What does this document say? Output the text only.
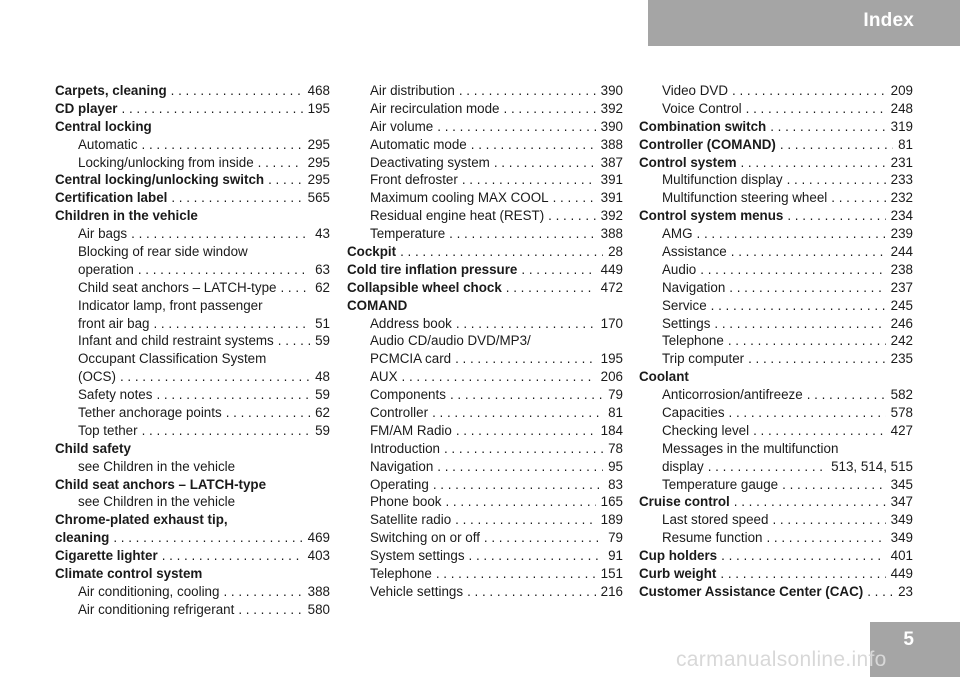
Index
Carpets, cleaning . . .	468
CD player . . .	195
Central locking
Automatic . . .	295
Locking/unlocking from inside . . .	295
Central locking/unlocking switch . . .	295
Certification label . . .	565
Children in the vehicle
Air bags . . .	43
Blocking of rear side window
operation . . .	63
Child seat anchors – LATCH-type . . .	62
Indicator lamp, front passenger
front air bag . . .	51
Infant and child restraint systems . . .	59
Occupant Classification System
(OCS) . . .	48
Safety notes . . .	59
Tether anchorage points . . .	62
Top tether . . .	59
Child safety
see Children in the vehicle
Child seat anchors – LATCH-type
see Children in the vehicle
Chrome-plated exhaust tip,
cleaning . . .	469
Cigarette lighter . . .	403
Climate control system
Air conditioning, cooling . . .	388
Air conditioning refrigerant . . .	580
Air distribution . . .	390
Air recirculation mode . . .	392
Air volume . . .	390
Automatic mode . . .	388
Deactivating system . . .	387
Front defroster . . .	391
Maximum cooling MAX COOL . . .	391
Residual engine heat (REST) . . .	392
Temperature . . .	388
Cockpit . . .	28
Cold tire inflation pressure . . .	449
Collapsible wheel chock . . .	472
COMAND
Address book . . .	170
Audio CD/audio DVD/MP3/
PCMCIA card . . .	195
AUX . . .	206
Components . . .	79
Controller . . .	81
FM/AM Radio . . .	184
Introduction . . .	78
Navigation . . .	95
Operating . . .	83
Phone book . . .	165
Satellite radio . . .	189
Switching on or off . . .	79
System settings . . .	91
Telephone . . .	151
Vehicle settings . . .	216
Video DVD . . .	209
Voice Control . . .	248
Combination switch . . .	319
Controller (COMAND) . . .	81
Control system . . .	231
Multifunction display . . .	233
Multifunction steering wheel . . .	232
Control system menus . . .	234
AMG . . .	239
Assistance . . .	244
Audio . . .	238
Navigation . . .	237
Service . . .	245
Settings . . .	246
Telephone . . .	242
Trip computer . . .	235
Coolant
Anticorrosion/antifreeze . . .	582
Capacities . . .	578
Checking level . . .	427
Messages in the multifunction
display . . .	513, 514, 515
Temperature gauge . . .	345
Cruise control . . .	347
Last stored speed . . .	349
Resume function . . .	349
Cup holders . . .	401
Curb weight . . .	449
Customer Assistance Center (CAC) . . .	23
5
carmanualsonline.info
